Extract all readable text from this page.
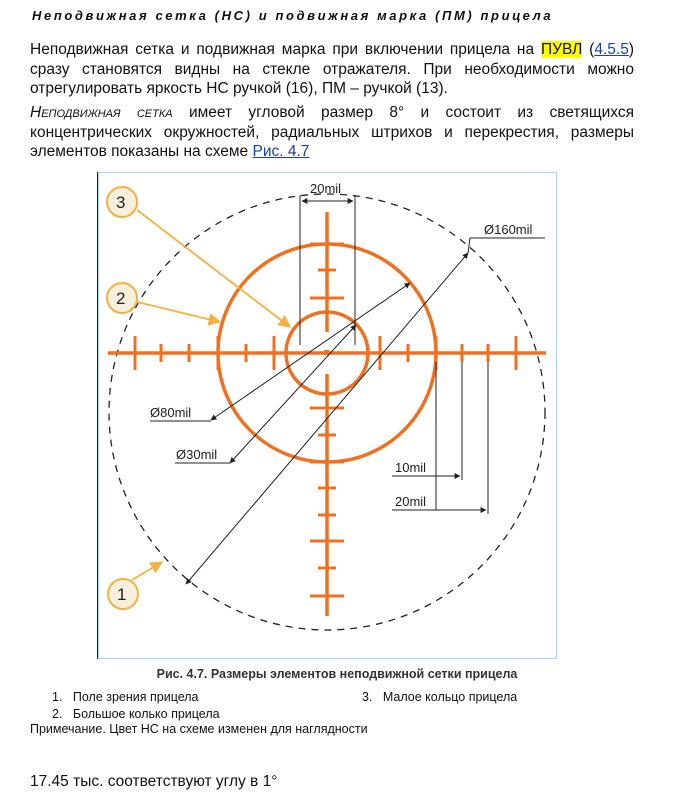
Неподвижная сетка (НС) и подвижная марка (ПМ) прицела
Неподвижная сетка и подвижная марка при включении прицела на ПУВЛ (4.5.5) сразу становятся видны на стекле отражателя. При необходимости можно отрегулировать яркость НС ручкой (16), ПМ – ручкой (13).
Неподвижная сетка имеет угловой размер 8° и состоит из светящихся концентрических окружностей, радиальных штрихов и перекрестия, размеры элементов показаны на схеме Рис. 4.7
20mil
Ø160mil
Ø80mil
Ø30mil
10mil
20mil
3
2
1
Рис. 4.7. Размеры элементов неподвижной сетки прицела
1. Поле зрения прицела
2. Большое колько прицела
3. Малое кольцо прицела
Примечание. Цвет НС на схеме изменен для наглядности
17.45 тыс. соответствуют углу в 1°
